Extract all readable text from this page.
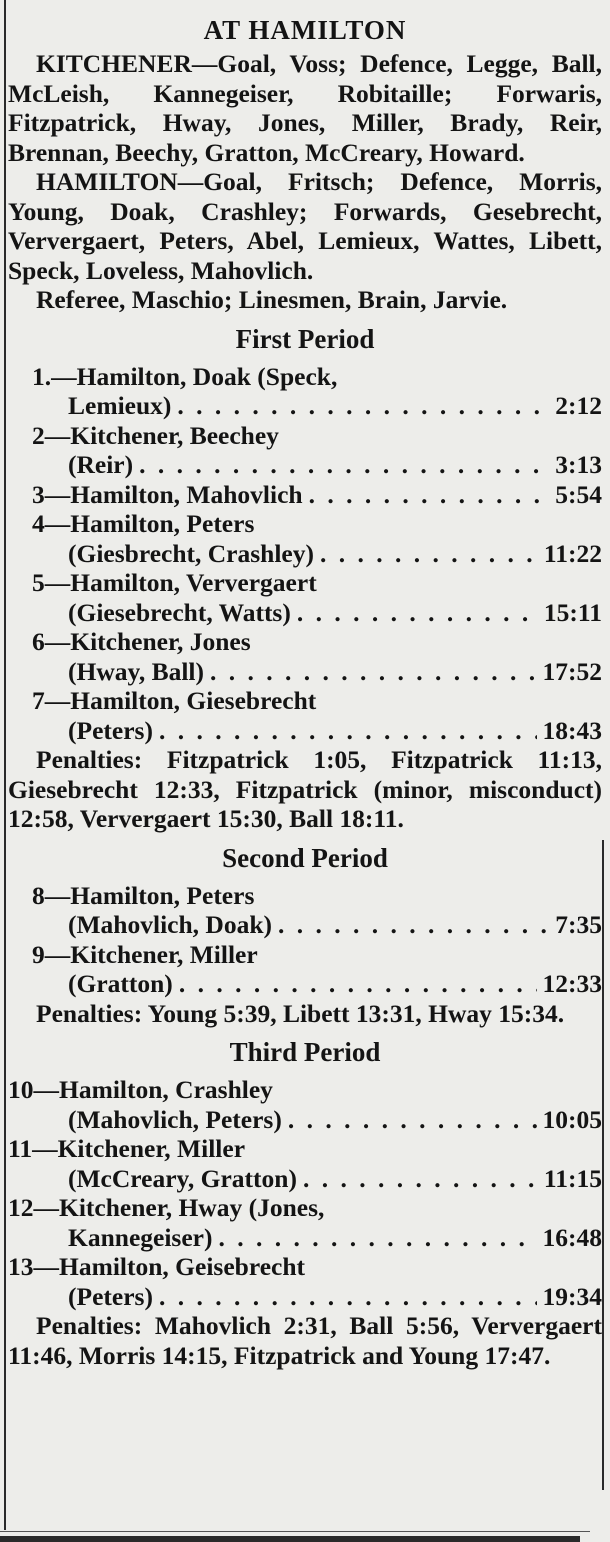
AT HAMILTON

KITCHENER—Goal, Voss; Defence, Legge, Ball, McLeish, Kannegeiser, Robitaille; Forwaris, Fitzpatrick, Hway, Jones, Miller, Brady, Reir, Brennan, Beechy, Gratton, McCreary, Howard.

HAMILTON—Goal, Fritsch; Defence, Morris, Young, Doak, Crashley; Forwards, Gesebrecht, Ververgaert, Peters, Abel, Lemieux, Wattes, Libett, Speck, Loveless, Mahovlich.

Referee, Maschio; Linesmen, Brain, Jarvie.

First Period
1.—Hamilton, Doak (Speck,
Lemieux) . . .	2:12
2—Kitchener, Beechey
(Reir) . . .	3:13
3—Hamilton, Mahovlich . . .	5:54
4—Hamilton, Peters
(Giesbrecht, Crashley) . . .	11:22
5—Hamilton, Ververgaert
(Giesebrecht, Watts) . . .	15:11
6—Kitchener, Jones
(Hway, Ball) . . .	17:52
7—Hamilton, Giesebrecht
(Peters) . . .	18:43

Penalties: Fitzpatrick 1:05, Fitzpatrick 11:13, Giesebrecht 12:33, Fitzpatrick (minor, misconduct) 12:58, Ververgaert 15:30, Ball 18:11.

Second Period
8—Hamilton, Peters
(Mahovlich, Doak) . . .	7:35
9—Kitchener, Miller
(Gratton) . . .	12:33

Penalties: Young 5:39, Libett 13:31, Hway 15:34.

Third Period
10—Hamilton, Crashley
(Mahovlich, Peters) . . .	10:05
11—Kitchener, Miller
(McCreary, Gratton) . . .	11:15
12—Kitchener, Hway (Jones,
Kannegeiser) . . .	16:48
13—Hamilton, Geisebrecht
(Peters) . . .	19:34

Penalties: Mahovlich 2:31, Ball 5:56, Ververgaert 11:46, Morris 14:15, Fitzpatrick and Young 17:47.
